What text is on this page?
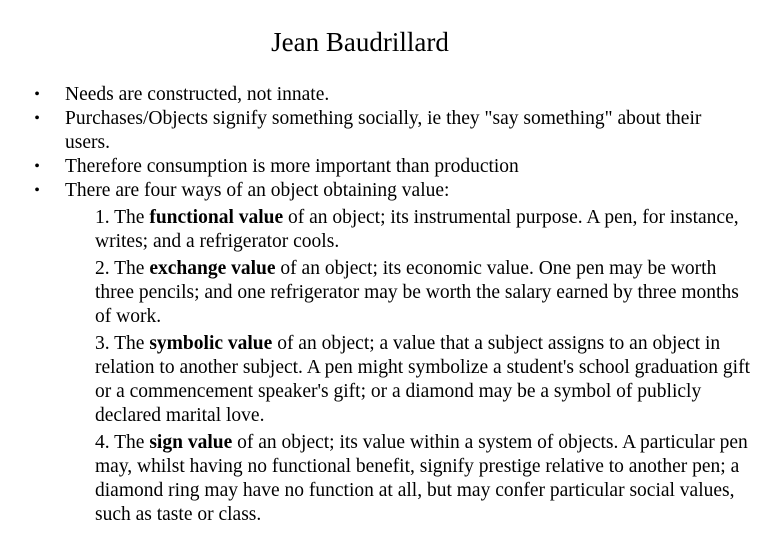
Jean Baudrillard
• Needs are constructed, not innate.
• Purchases/Objects signify something socially, ie they "say something" about their users.
• Therefore consumption is more important than production
• There are four ways of an object obtaining value:
1. The functional value of an object; its instrumental purpose. A pen, for instance, writes; and a refrigerator cools.
2. The exchange value of an object; its economic value. One pen may be worth three pencils; and one refrigerator may be worth the salary earned by three months of work.
3. The symbolic value of an object; a value that a subject assigns to an object in relation to another subject. A pen might symbolize a student's school graduation gift or a commencement speaker's gift; or a diamond may be a symbol of publicly declared marital love.
4. The sign value of an object; its value within a system of objects. A particular pen may, whilst having no functional benefit, signify prestige relative to another pen; a diamond ring may have no function at all, but may confer particular social values, such as taste or class.
